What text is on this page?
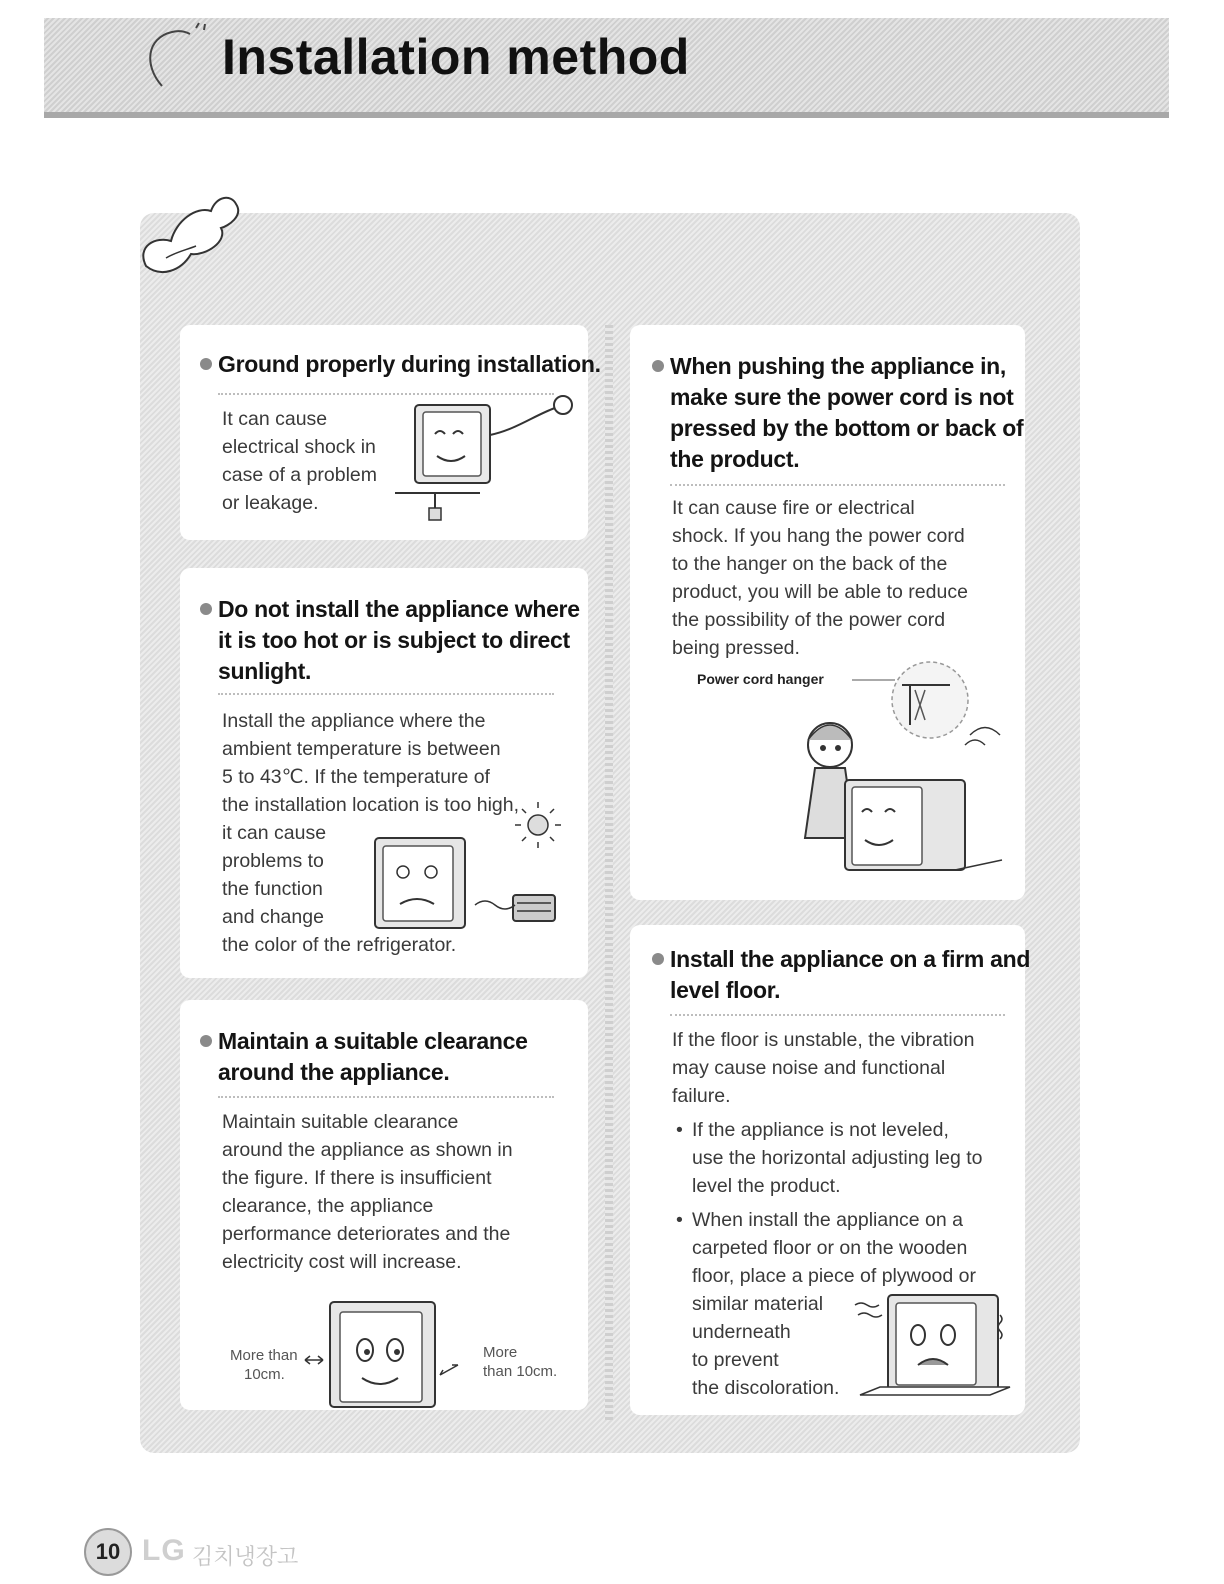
Installation method
Ground properly during installation.
It can cause
electrical shock in
case of a problem
or leakage.
Do not install the appliance where
it is too hot or is subject to direct
sunlight.
Install the appliance where the
ambient temperature is between
5 to 43℃. If the temperature of
the installation location is too high,
it can cause
problems to
the function
and change
the color of the refrigerator.
Maintain a suitable clearance
around the appliance.
Maintain suitable clearance
around the appliance as shown in
the figure. If there is insufficient
clearance, the appliance
performance deteriorates and the
electricity cost will increase.
More than
10cm.
More
than 10cm.
When pushing the appliance in,
make sure the power cord is not
pressed by the bottom or back of
the product.
It can cause fire or electrical
shock. If you hang the power cord
to the hanger on the back of the
product, you will be able to reduce
the possibility of the power cord
being pressed.
Power cord hanger
Install the appliance on a firm and
level floor.
If the floor is unstable, the vibration
may cause noise and functional
failure.
• If the appliance is not leveled,
use the horizontal adjusting leg to
level the product.
• When install the appliance on a
carpeted floor or on the wooden
floor, place a piece of plywood or
similar material
underneath
to prevent
the discoloration.
10 LG 김치냉장고
